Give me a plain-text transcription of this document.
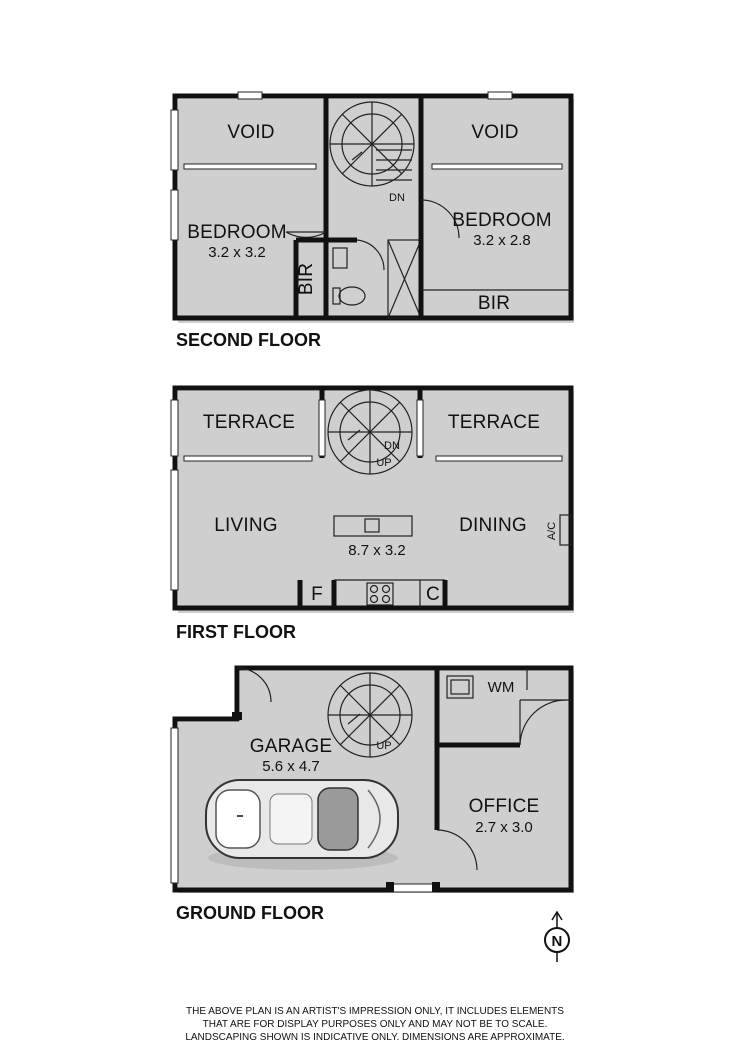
VOID	VOID
DN
BEDROOM
3.2 x 3.2
BEDROOM
3.2 x 2.8
BIR
BIR
SECOND FLOOR
TERRACE	TERRACE
DN
UP
LIVING	DINING
8.7 x 3.2
A/C
F	C
FIRST FLOOR
GARAGE
5.6 x 4.7
UP
WM
OFFICE
2.7 x 3.0
GROUND FLOOR
N
THE ABOVE PLAN IS AN ARTIST'S IMPRESSION ONLY, IT INCLUDES ELEMENTS
THAT ARE FOR DISPLAY PURPOSES ONLY AND MAY NOT BE TO SCALE.
LANDSCAPING SHOWN IS INDICATIVE ONLY. DIMENSIONS ARE APPROXIMATE.
